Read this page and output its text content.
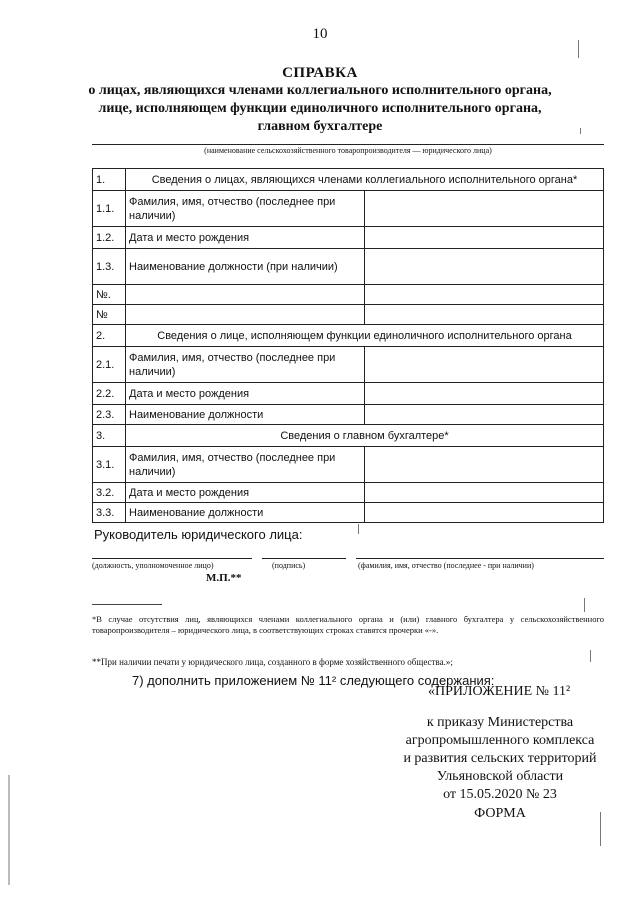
10
СПРАВКА
о лицах, являющихся членами коллегиального исполнительного органа,
лице, исполняющем функции единоличного исполнительного органа,
главном бухгалтере
(наименование сельскохозяйственного товаропроизводителя — юридического лица)
1.	Сведения о лицах, являющихся членами коллегиального исполнительного органа*	
1.1.	Фамилия, имя, отчество (последнее при наличии)	
1.2.	Дата и место рождения	
1.3.	Наименование должности (при наличии)	
№.		
№		
2.	Сведения о лице, исполняющем функции единоличного исполнительного органа	
2.1.	Фамилия, имя, отчество (последнее при наличии)	
2.2.	Дата и место рождения	
2.3.	Наименование должности	
3.	Сведения о главном бухгалтере*	
3.1.	Фамилия, имя, отчество (последнее при наличии)	
3.2.	Дата и место рождения	
3.3.	Наименование должности	
Руководитель юридического лица:
(должность, уполномоченное лицо)	(подпись)	(фамилия, имя, отчество (последнее - при наличии)
М.П.**
*В случае отсутствия лиц, являющихся членами коллегиального органа и (или) главного бухгалтера у сельскохозяйственного товаропроизводителя – юридического лица, в соответствующих строках ставятся прочерки «-».
**При наличии печати у юридического лица, созданного в форме хозяйственного общества.»;
7) дополнить приложением № 11² следующего содержания:
«ПРИЛОЖЕНИЕ № 11²
к приказу Министерства
агропромышленного комплекса
и развития сельских территорий
Ульяновской области
от 15.05.2020 № 23
ФОРМА
